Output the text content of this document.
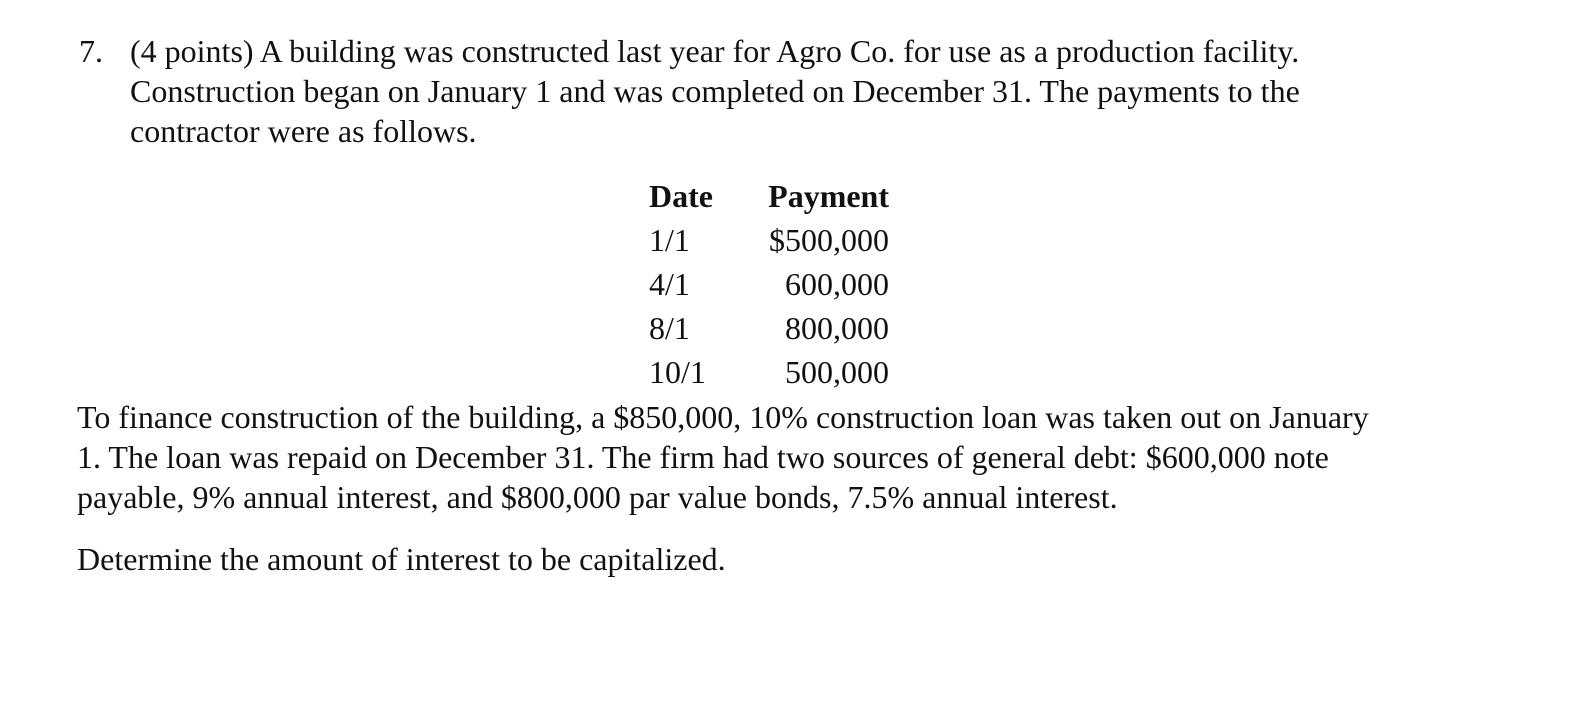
7. (4 points) A building was constructed last year for Agro Co. for use as a production facility.
Construction began on January 1 and was completed on December 31. The payments to the
contractor were as follows.
Date	Payment
1/1	$500,000
4/1	600,000
8/1	800,000
10/1	500,000
To finance construction of the building, a $850,000, 10% construction loan was taken out on January
1. The loan was repaid on December 31. The firm had two sources of general debt: $600,000 note
payable, 9% annual interest, and $800,000 par value bonds, 7.5% annual interest.
Determine the amount of interest to be capitalized.
